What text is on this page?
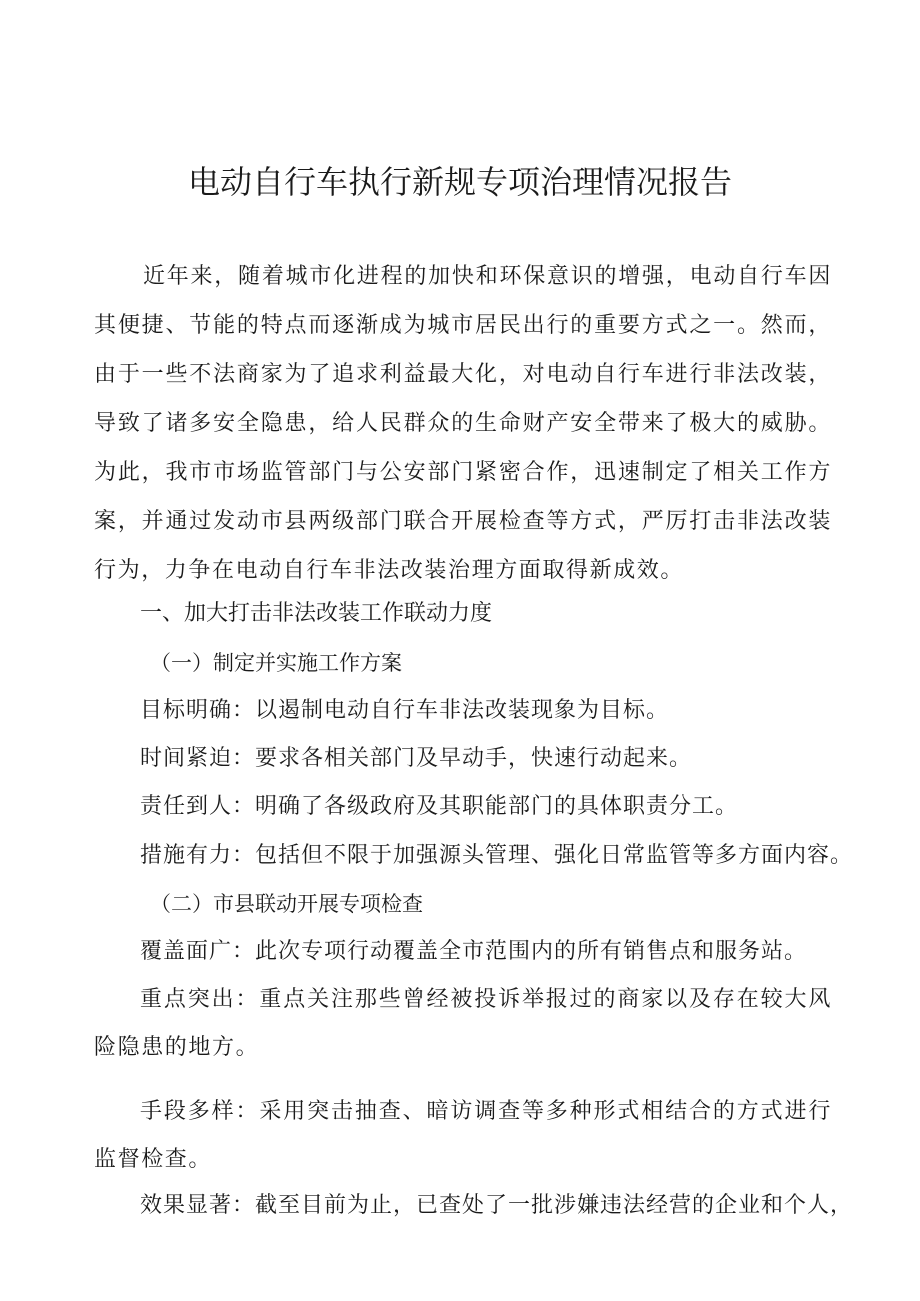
电动自行车执行新规专项治理情况报告

近年来，随着城市化进程的加快和环保意识的增强，电动自行车因其便捷、节能的特点而逐渐成为城市居民出行的重要方式之一。然而，由于一些不法商家为了追求利益最大化，对电动自行车进行非法改装，导致了诸多安全隐患，给人民群众的生命财产安全带来了极大的威胁。为此，我市市场监管部门与公安部门紧密合作，迅速制定了相关工作方案，并通过发动市县两级部门联合开展检查等方式，严厉打击非法改装行为，力争在电动自行车非法改装治理方面取得新成效。

一、加大打击非法改装工作联动力度
（一）制定并实施工作方案

目标明确：以遏制电动自行车非法改装现象为目标。

时间紧迫：要求各相关部门及早动手，快速行动起来。

责任到人：明确了各级政府及其职能部门的具体职责分工。

措施有力：包括但不限于加强源头管理、强化日常监管等多方面内容。

（二）市县联动开展专项检查

覆盖面广：此次专项行动覆盖全市范围内的所有销售点和服务站。

重点突出：重点关注那些曾经被投诉举报过的商家以及存在较大风险隐患的地方。

手段多样：采用突击抽查、暗访调查等多种形式相结合的方式进行监督检查。

效果显著：截至目前为止，已查处了一批涉嫌违法经营的企业和个人，
